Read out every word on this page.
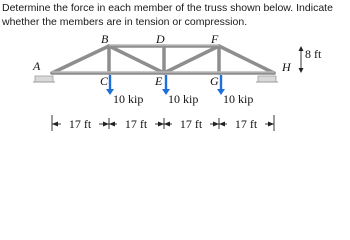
Determine the force in each member of the truss shown below. Indicate whether the members are in tension or compression.

A
B
C
D
E
F
G
H
10 kip 10 kip 10 kip
8 ft
17 ft	17 ft	17 ft	17 ft
